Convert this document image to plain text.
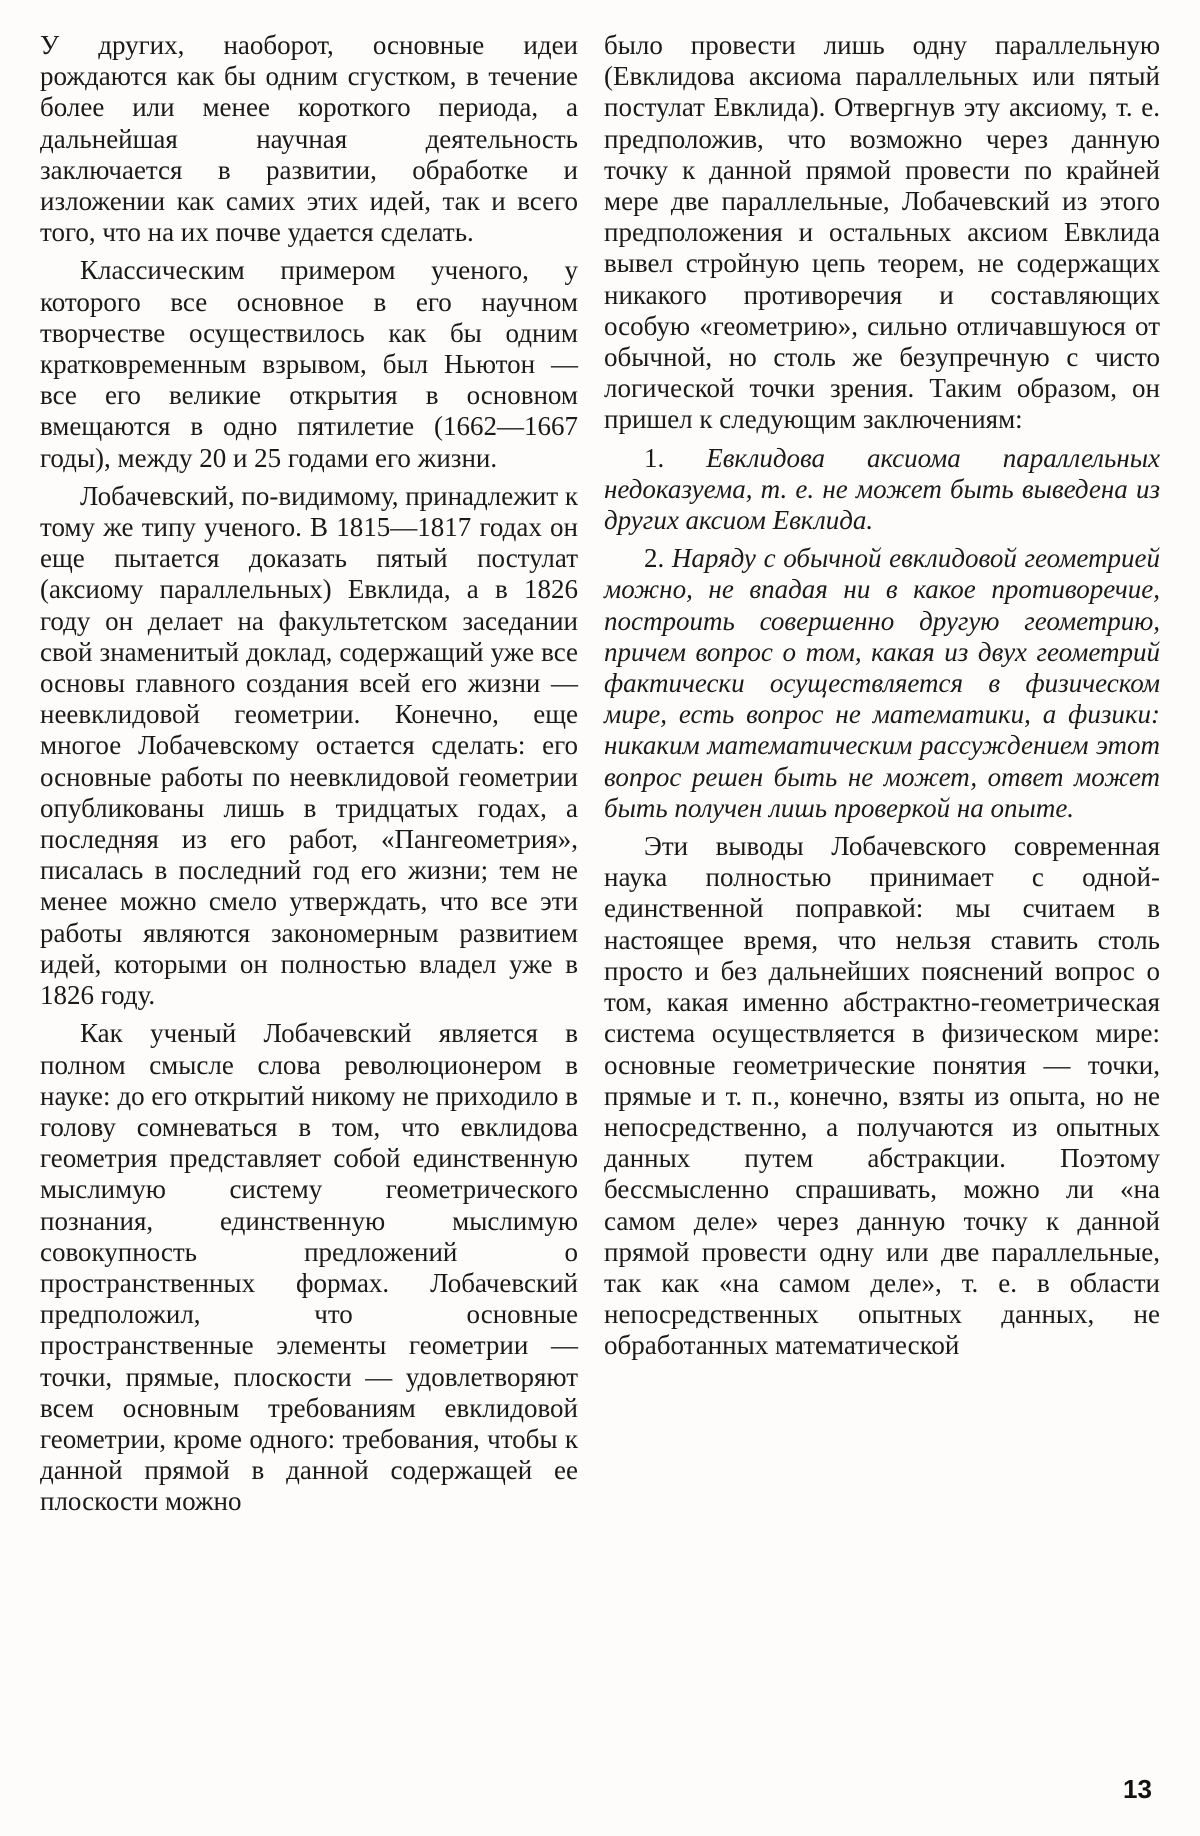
У других, наоборот, основные идеи рождаются как бы одним сгустком, в течение более или менее короткого периода, а дальнейшая научная деятельность заключается в развитии, обработке и изложении как самих этих идей, так и всего того, что на их почве удается сделать.

Классическим примером ученого, у которого все основное в его научном творчестве осуществилось как бы одним кратковременным взрывом, был Ньютон — все его великие открытия в основном вмещаются в одно пятилетие (1662—1667 годы), между 20 и 25 годами его жизни.

Лобачевский, по-видимому, принадлежит к тому же типу ученого. В 1815—1817 годах он еще пытается доказать пятый постулат (аксиому параллельных) Евклида, а в 1826 году он делает на факультетском заседании свой знаменитый доклад, содержащий уже все основы главного создания всей его жизни — неевклидовой геометрии. Конечно, еще многое Лобачевскому остается сделать: его основные работы по неевклидовой геометрии опубликованы лишь в тридцатых годах, а последняя из его работ, «Пангеометрия», писалась в последний год его жизни; тем не менее можно смело утверждать, что все эти работы являются закономерным развитием идей, которыми он полностью владел уже в 1826 году.

Как ученый Лобачевский является в полном смысле слова революционером в науке: до его открытий никому не приходило в голову сомневаться в том, что евклидова геометрия представляет собой единственную мыслимую систему геометрического познания, единственную мыслимую совокупность предложений о пространственных формах. Лобачевский предположил, что основные пространственные элементы геометрии — точки, прямые, плоскости — удовлетворяют всем основным требованиям евклидовой геометрии, кроме одного: требования, чтобы к данной прямой в данной содержащей ее плоскости можно

было провести лишь одну параллельную (Евклидова аксиома параллельных или пятый постулат Евклида). Отвергнув эту аксиому, т. е. предположив, что возможно через данную точку к данной прямой провести по крайней мере две параллельные, Лобачевский из этого предположения и остальных аксиом Евклида вывел стройную цепь теорем, не содержащих никакого противоречия и составляющих особую «геометрию», сильно отличавшуюся от обычной, но столь же безупречную с чисто логической точки зрения. Таким образом, он пришел к следующим заключениям:

1. Евклидова аксиома параллельных недоказуема, т. е. не может быть выведена из других аксиом Евклида.

2. Наряду с обычной евклидовой геометрией можно, не впадая ни в какое противоречие, построить совершенно другую геометрию, причем вопрос о том, какая из двух геометрий фактически осуществляется в физическом мире, есть вопрос не математики, а физики: никаким математическим рассуждением этот вопрос решен быть не может, ответ может быть получен лишь проверкой на опыте.

Эти выводы Лобачевского современная наука полностью принимает с одной-единственной поправкой: мы считаем в настоящее время, что нельзя ставить столь просто и без дальнейших пояснений вопрос о том, какая именно абстрактно-геометрическая система осуществляется в физическом мире: основные геометрические понятия — точки, прямые и т. п., конечно, взяты из опыта, но не непосредственно, а получаются из опытных данных путем абстракции. Поэтому бессмысленно спрашивать, можно ли «на самом деле» через данную точку к данной прямой провести одну или две параллельные, так как «на самом деле», т. е. в области непосредственных опытных данных, не обработанных математической

13
